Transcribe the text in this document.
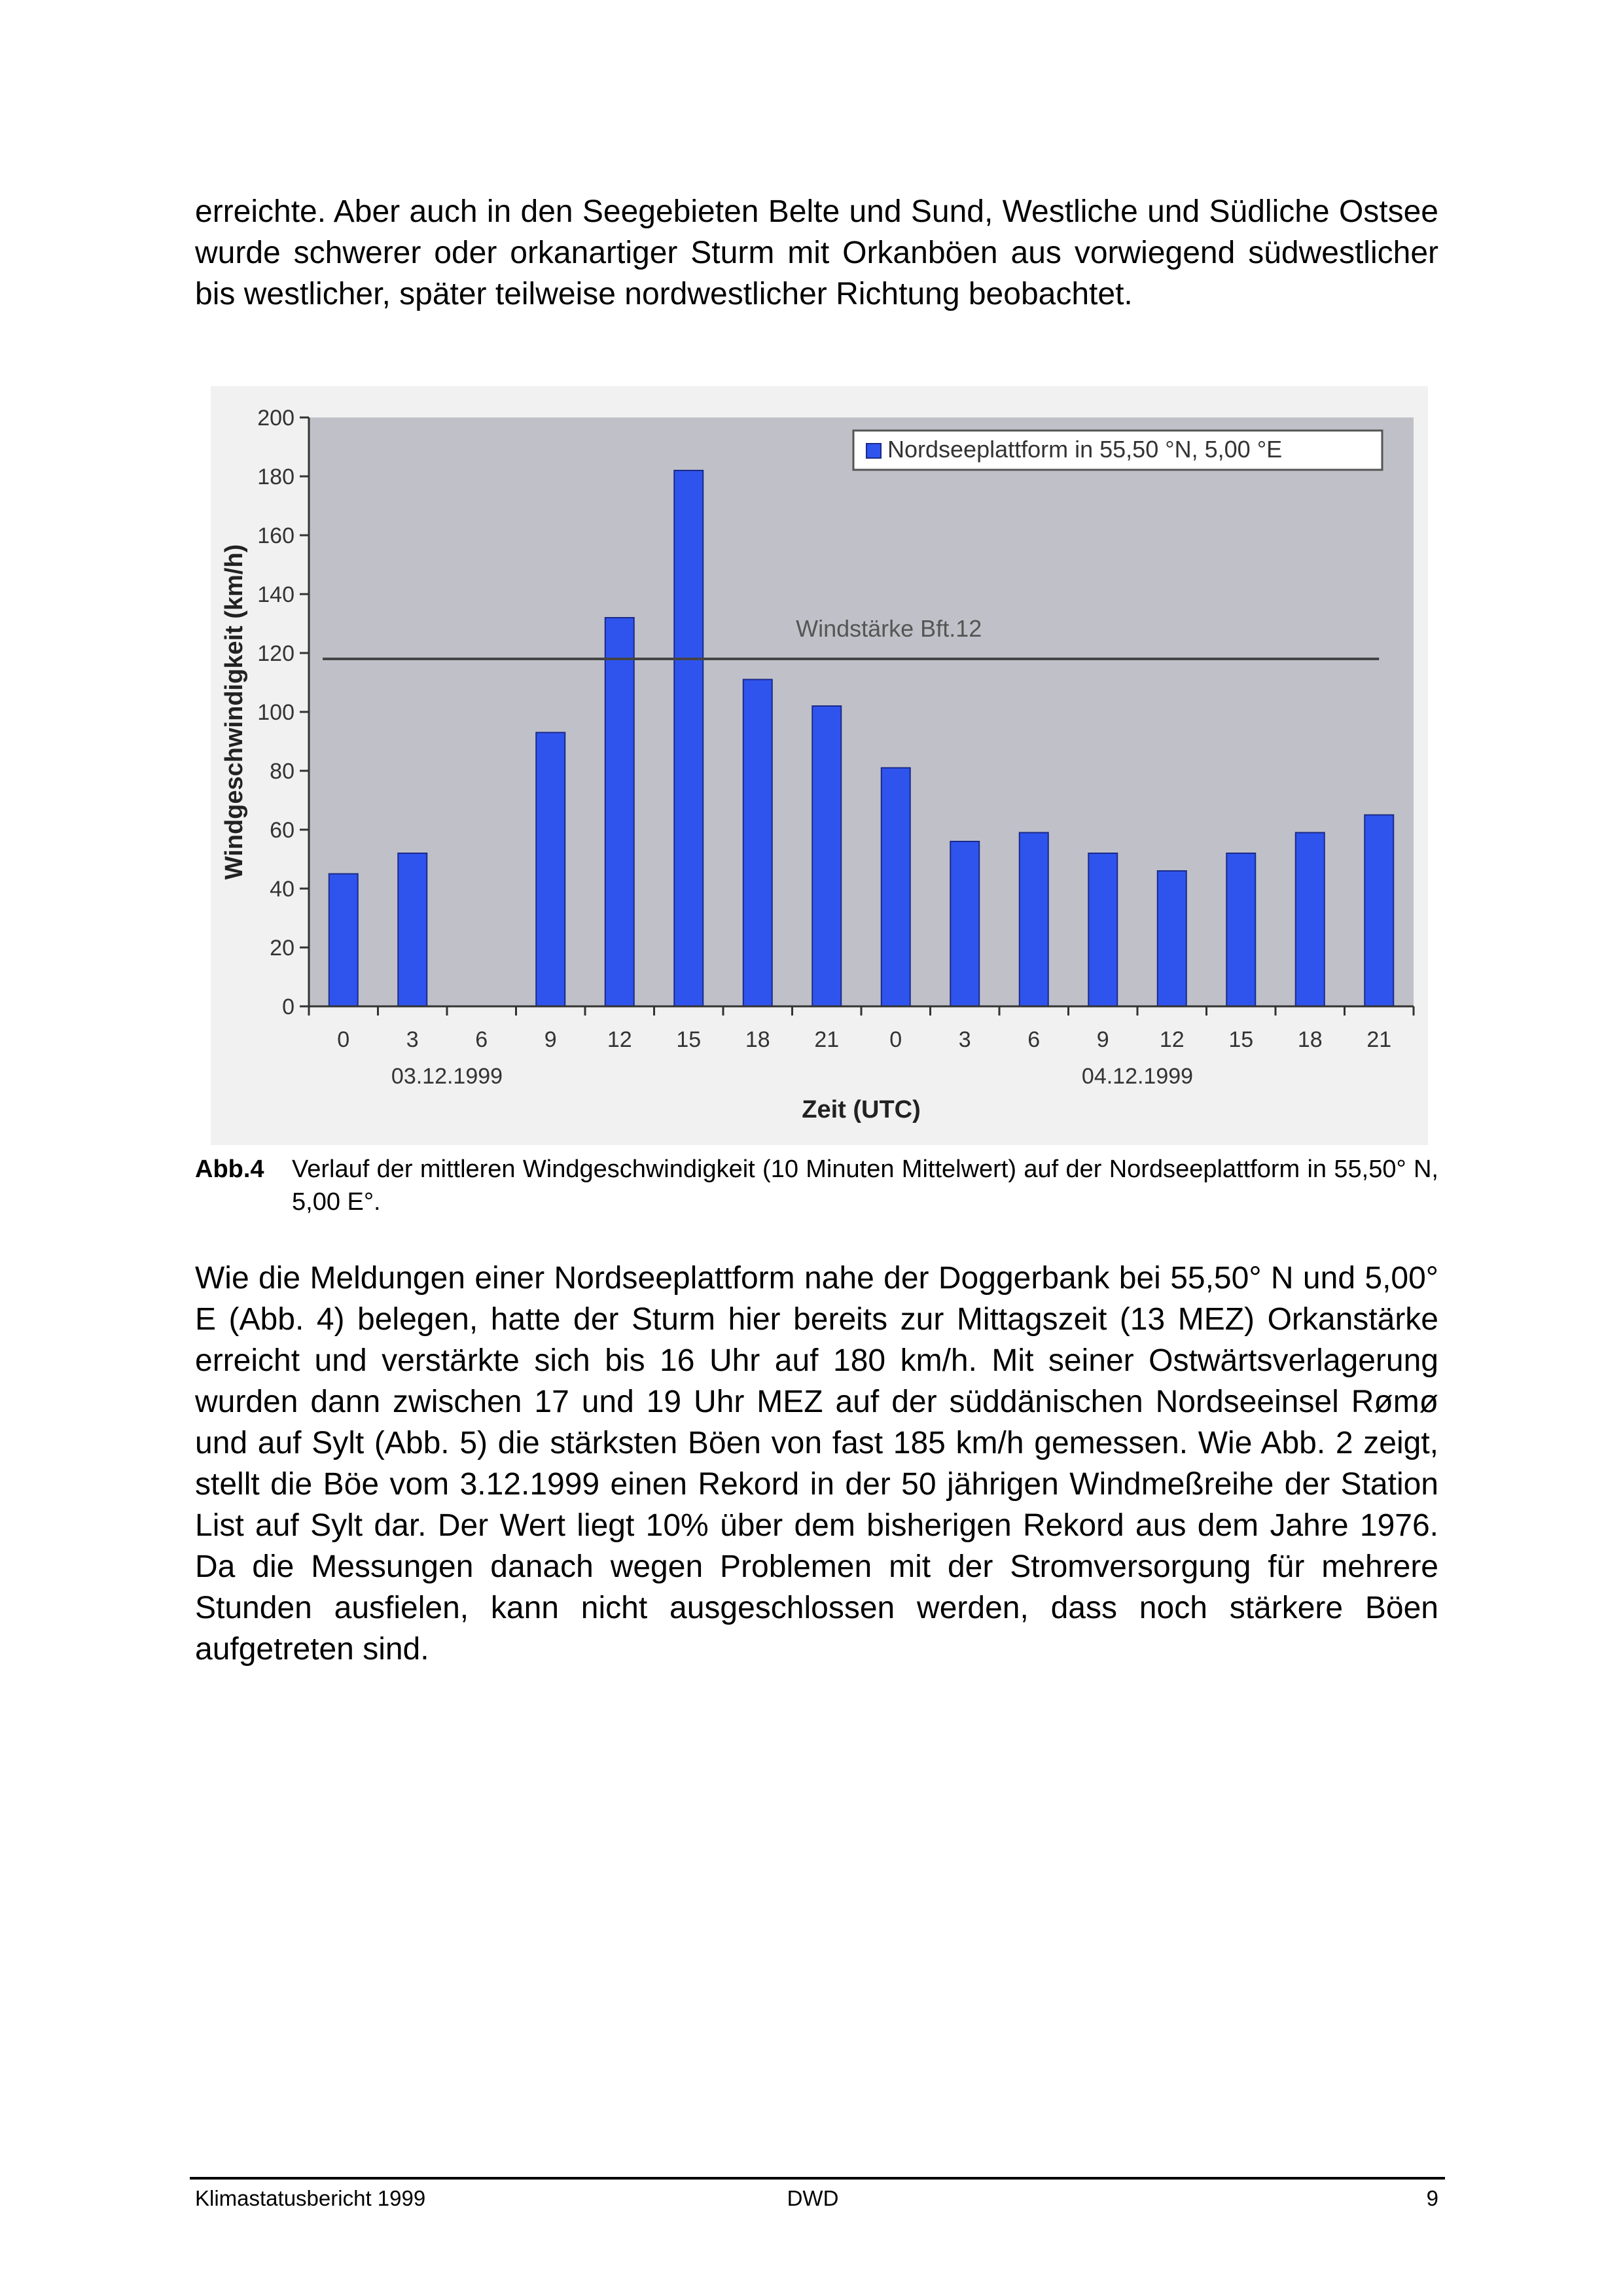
erreichte. Aber auch in den Seegebieten Belte und Sund, Westliche und Südliche Ostsee wurde schwerer oder orkanartiger Sturm mit Orkanböen aus vorwiegend südwestlicher bis westlicher, später teilweise nordwestlicher Richtung beobachtet.

0
20
40
60
80
100
120
140
160
180
200
Windstärke Bft.12
0	3	6	9 12 15 18 21 0	3	6	9 12 15 18 21
03.12.1999	04.12.1999
Nordseeplattform in 55,50 °N, 5,00 °E
Windgeschwindigkeit (km/h)
Zeit (UTC)
Abb.4 Verlauf der mittleren Windgeschwindigkeit (10 Minuten Mittelwert) auf der Nordseeplattform in 55,50° N, 5,00 E°.

Wie die Meldungen einer Nordseeplattform nahe der Doggerbank bei 55,50° N und 5,00° E (Abb. 4) belegen, hatte der Sturm hier bereits zur Mittagszeit (13 MEZ) Orkanstärke erreicht und verstärkte sich bis 16 Uhr auf 180 km/h. Mit seiner Ostwärtsverlagerung wurden dann zwischen 17 und 19 Uhr MEZ auf der süddänischen Nordseeinsel Rømø und auf Sylt (Abb. 5) die stärksten Böen von fast 185 km/h gemessen. Wie Abb. 2 zeigt, stellt die Böe vom 3.12.1999 einen Rekord in der 50 jährigen Windmeßreihe der Station List auf Sylt dar. Der Wert liegt 10% über dem bisherigen Rekord aus dem Jahre 1976. Da die Messungen danach wegen Problemen mit der Stromversorgung für mehrere Stunden ausfielen, kann nicht ausgeschlossen werden, dass noch stärkere Böen aufgetreten sind.

Klimastatusbericht 1999	DWD	9
